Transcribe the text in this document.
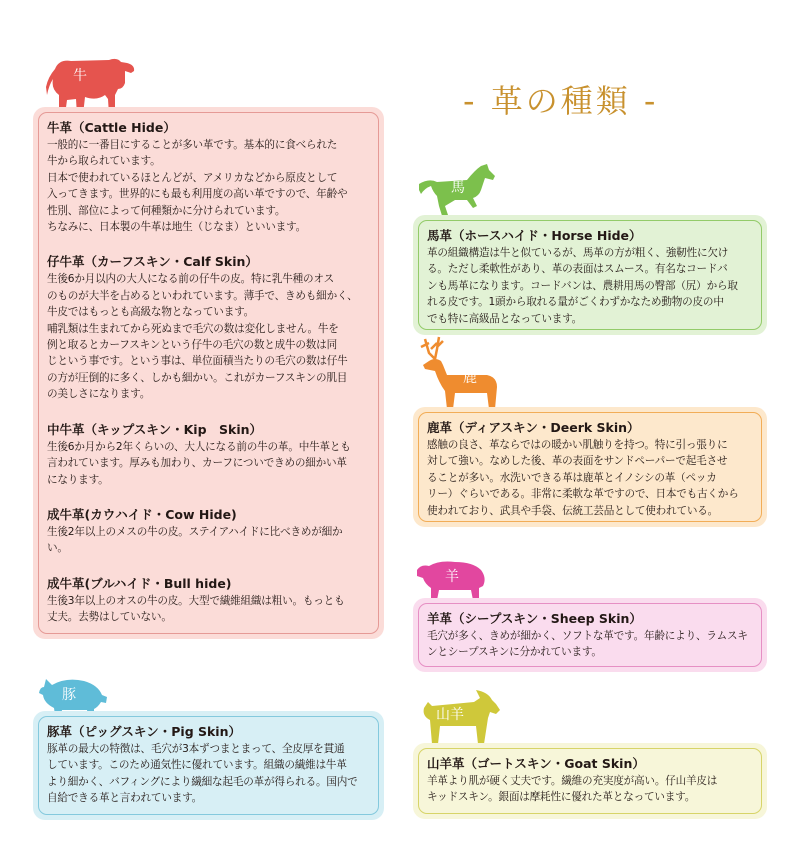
- 革の種類 -
牛
牛革（Cattle Hide）
一般的に一番目にすることが多い革です。基本的に食べられた
牛から取られています。
日本で使われているほとんどが、アメリカなどから原皮として
入ってきます。世界的にも最も利用度の高い革ですので、年齢や
性別、部位によって何種類かに分けられています。
ちなみに、日本製の牛革は地生（じなま）といいます。
仔牛革（カーフスキン・Calf Skin）
生後6か月以内の大人になる前の仔牛の皮。特に乳牛種のオス
のものが大半を占めるといわれています。薄手で、きめも細かく、
牛皮ではもっとも高級な物となっています。
哺乳類は生まれてから死ぬまで毛穴の数は変化しません。牛を
例と取るとカーフスキンという仔牛の毛穴の数と成牛の数は同
じという事です。という事は、単位面積当たりの毛穴の数は仔牛
の方が圧倒的に多く、しかも細かい。これがカーフスキンの肌目
の美しさになります。
中牛革（キップスキン・Kip　Skin）
生後6か月から2年くらいの、大人になる前の牛の革。中牛革とも
言われています。厚みも加わり、カーフについできめの細かい革
になります。
成牛革(カウハイド・Cow Hide)
生後2年以上のメスの牛の皮。ステイアハイドに比べきめが細か
い。
成牛革(ブルハイド・Bull hide)
生後3年以上のオスの牛の皮。大型で繊維組織は粗い。もっとも
丈夫。去勢はしていない。
豚
豚革（ピッグスキン・Pig Skin）
豚革の最大の特徴は、毛穴が3本ずつまとまって、全皮厚を貫通
しています。このため通気性に優れています。組織の繊維は牛革
より細かく、バフィングにより繊細な起毛の革が得られる。国内で
自給できる革と言われています。
馬
馬革（ホースハイド・Horse Hide）
革の組織構造は牛と似ているが、馬革の方が粗く、強靭性に欠け
る。ただし柔軟性があり、革の表面はスムース。有名なコードバ
ンも馬革になります。コードバンは、農耕用馬の臀部（尻）から取
れる皮です。1頭から取れる量がごくわずかなため動物の皮の中
でも特に高級品となっています。
鹿
鹿革（ディアスキン・Deerk Skin）
感触の良さ、革ならではの暖かい肌触りを持つ。特に引っ張りに
対して強い。なめした後、革の表面をサンドペーパーで起毛させ
ることが多い。水洗いできる革は鹿革とイノシシの革（ペッカ
リー）ぐらいである。非常に柔軟な革ですので、日本でも古くから
使われており、武具や手袋、伝統工芸品として使われている。
羊
羊革（シープスキン・Sheep Skin）
毛穴が多く、きめが細かく、ソフトな革です。年齢により、ラムスキ
ンとシープスキンに分かれています。
山羊
山羊革（ゴートスキン・Goat Skin）
羊革より肌が硬く丈夫です。繊維の充実度が高い。仔山羊皮は
キッドスキン。銀面は摩耗性に優れた革となっています。
